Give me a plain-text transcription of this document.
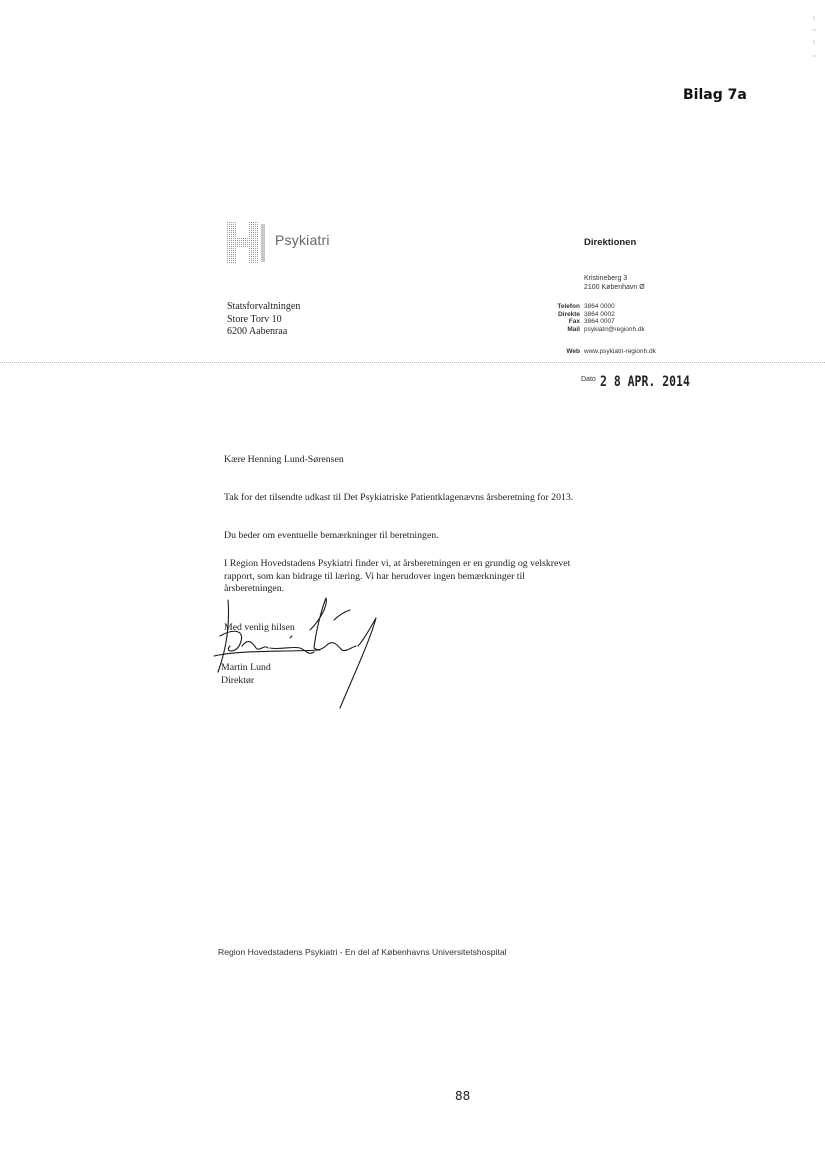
Bilag 7a
Psykiatri	Direktionen
Kristineberg 3
2100 København Ø
Statsforvaltningen
Store Torv 10
6200 Aabenraa
Telefon 3864 0000
Direkte 3864 0002
Fax 3864 0007
Mail psykiatri@regionh.dk
Web www.psykiatri-regionh.dk
Dato 2 8 APR. 2014
Kære Henning Lund-Sørensen
Tak for det tilsendte udkast til Det Psykiatriske Patientklagenævns årsberetning for 2013.
Du beder om eventuelle bemærkninger til beretningen.
I Region Hovedstadens Psykiatri finder vi, at årsberetningen er en grundig og velskrevet rapport, som kan bidrage til læring. Vi har herudover ingen bemærkninger til årsberetningen.
Med venlig hilsen
Martin Lund
Direktør
Region Hovedstadens Psykiatri - En del af Københavns Universitetshospital
88
